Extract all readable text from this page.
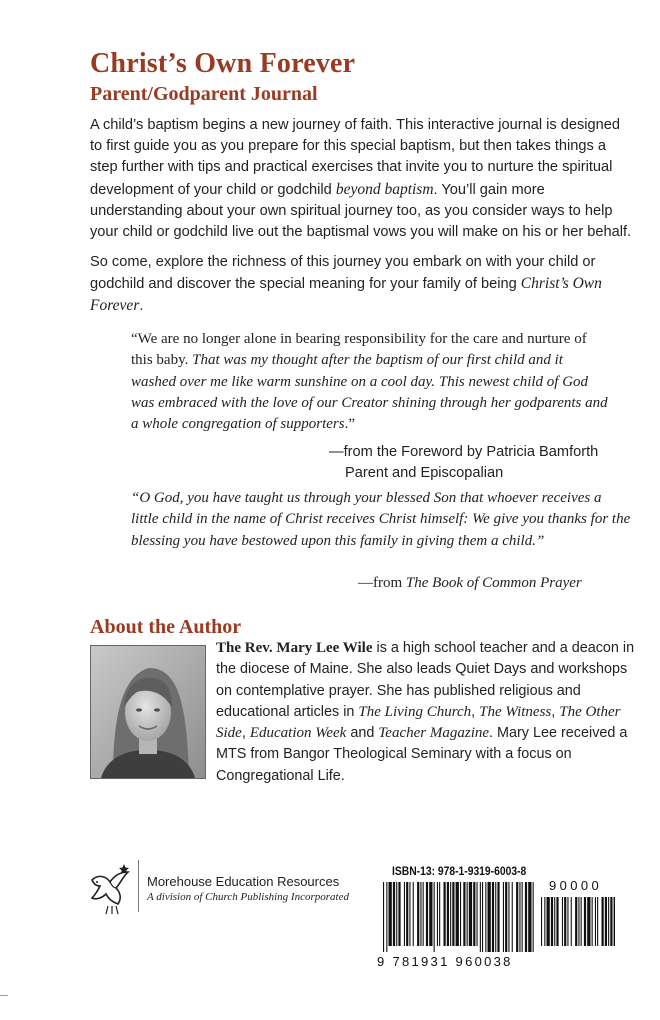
Christ’s Own Forever
Parent/Godparent Journal

A child’s baptism begins a new journey of faith. This interactive journal is designed to first guide you as you prepare for this special baptism, but then takes things a step further with tips and practical exercises that invite you to nurture the spiritual development of your child or godchild beyond baptism. You’ll gain more understanding about your own spiritual journey too, as you consider ways to help your child or godchild live out the baptismal vows you will make on his or her behalf.

So come, explore the richness of this journey you embark on with your child or godchild and discover the special meaning for your family of being Christ’s Own Forever.

“We are no longer alone in bearing responsibility for the care and nurture of this baby. That was my thought after the baptism of our first child and it washed over me like warm sunshine on a cool day. This newest child of God was embraced with the love of our Creator shining through her godparents and a whole congregation of supporters.”

—from the Foreword by Patricia Bamforth

Parent and Episcopalian

“O God, you have taught us through your blessed Son that whoever receives a little child in the name of Christ receives Christ himself: We give you thanks for the blessing you have bestowed upon this family in giving them a child.”

—from The Book of Common Prayer

About the Author

The Rev. Mary Lee Wile is a high school teacher and a deacon in the diocese of Maine. She also leads Quiet Days and workshops on contemplative prayer. She has published religious and educational articles in The Living Church, The Witness, The Other Side, Education Week and Teacher Magazine. Mary Lee received a MTS from Bangor Theological Seminary with a focus on Congregational Life.

Morehouse Education Resources

A division of Church Publishing Incorporated

ISBN-13: 978-1-9319-6003-8

90000

9 781931 960038
